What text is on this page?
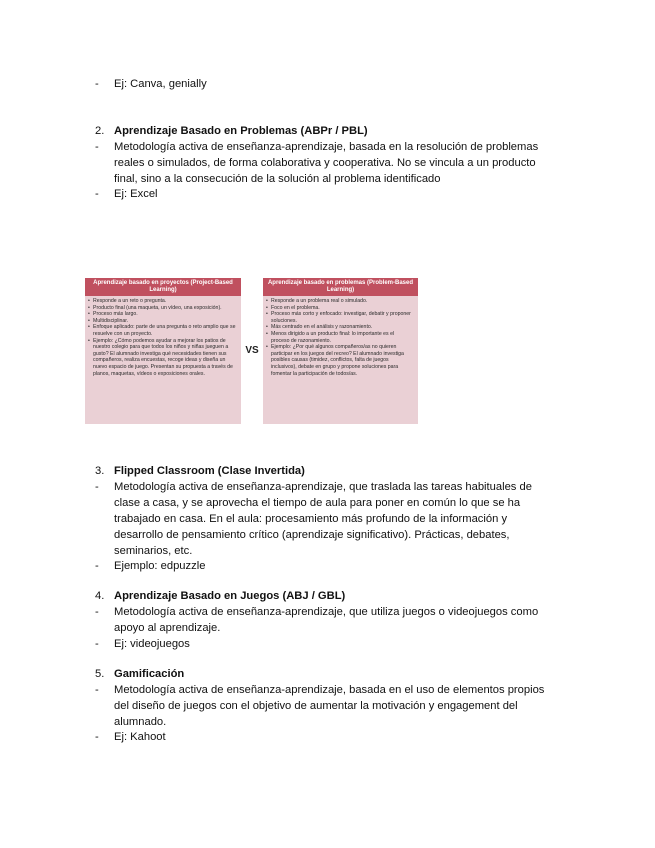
- Ej: Canva, genially
2. Aprendizaje Basado en Problemas (ABPr / PBL)
- Metodología activa de enseñanza-aprendizaje, basada en la resolución de problemas
reales o simulados, de forma colaborativa y cooperativa. No se vincula a un producto
final, sino a la consecución de la solución al problema identificado
- Ej: Excel
Aprendizaje basado en proyectos (Project-Based Learning)
• Responde a un reto o pregunta.
• Producto final (una maqueta, un vídeo, una exposición).
• Proceso más largo.
• Multidisciplinar.
• Enfoque aplicado: parte de una pregunta o reto amplio que se resuelve con un proyecto.
• Ejemplo: ¿Cómo podemos ayudar a mejorar los patios de nuestro colegio para que todos los niños y niñas jueguen a gusto? El alumnado investiga qué necesidades tienen sus compañeros, realiza encuestas, recoge ideas y diseña un nuevo espacio de juego. Presentan su propuesta a través de planos, maquetas, vídeos o exposiciones orales.
VS
Aprendizaje basado en problemas (Problem-Based Learning)
• Responde a un problema real o simulado.
• Foco en el problema.
• Proceso más corto y enfocado: investigar, debatir y proponer soluciones.
• Más centrado en el análisis y razonamiento.
• Menos dirigido a un producto final: lo importante es el proceso de razonamiento.
• Ejemplo: ¿Por qué algunos compañeros/as no quieren participar en los juegos del recreo? El alumnado investiga posibles causas (timidez, conflictos, falta de juegos inclusivos), debate en grupo y propone soluciones para fomentar la participación de todos/as.
3. Flipped Classroom (Clase Invertida)
- Metodología activa de enseñanza-aprendizaje, que traslada las tareas habituales de
clase a casa, y se aprovecha el tiempo de aula para poner en común lo que se ha
trabajado en casa. En el aula: procesamiento más profundo de la información y
desarrollo de pensamiento crítico (aprendizaje significativo). Prácticas, debates,
seminarios, etc.
- Ejemplo: edpuzzle
4. Aprendizaje Basado en Juegos (ABJ / GBL)
- Metodología activa de enseñanza-aprendizaje, que utiliza juegos o videojuegos como
apoyo al aprendizaje.
- Ej: videojuegos
5. Gamificación
- Metodología activa de enseñanza-aprendizaje, basada en el uso de elementos propios
del diseño de juegos con el objetivo de aumentar la motivación y engagement del
alumnado.
- Ej: Kahoot
